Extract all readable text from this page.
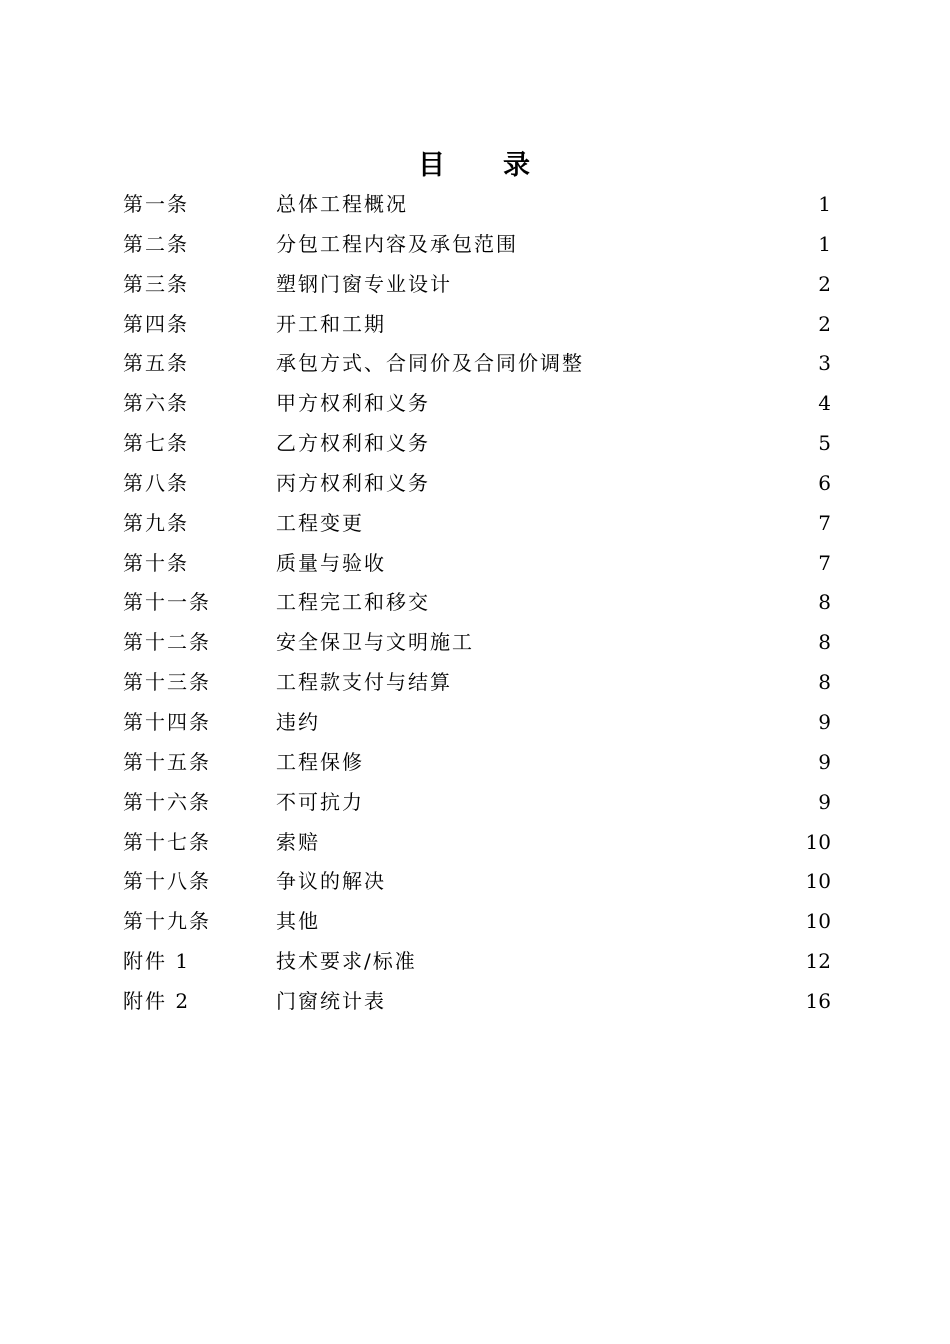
目 录
第一条	总体工程概况	1
第二条	分包工程内容及承包范围	1
第三条	塑钢门窗专业设计	2
第四条	开工和工期	2
第五条	承包方式、合同价及合同价调整	3
第六条	甲方权利和义务	4
第七条	乙方权利和义务	5
第八条	丙方权利和义务	6
第九条	工程变更	7
第十条	质量与验收	7
第十一条	工程完工和移交	8
第十二条	安全保卫与文明施工	8
第十三条	工程款支付与结算	8
第十四条	违约	9
第十五条	工程保修	9
第十六条	不可抗力	9
第十七条	索赔	10
第十八条	争议的解决	10
第十九条	其他	10
附件 1	技术要求/标准	12
附件 2	门窗统计表	16
